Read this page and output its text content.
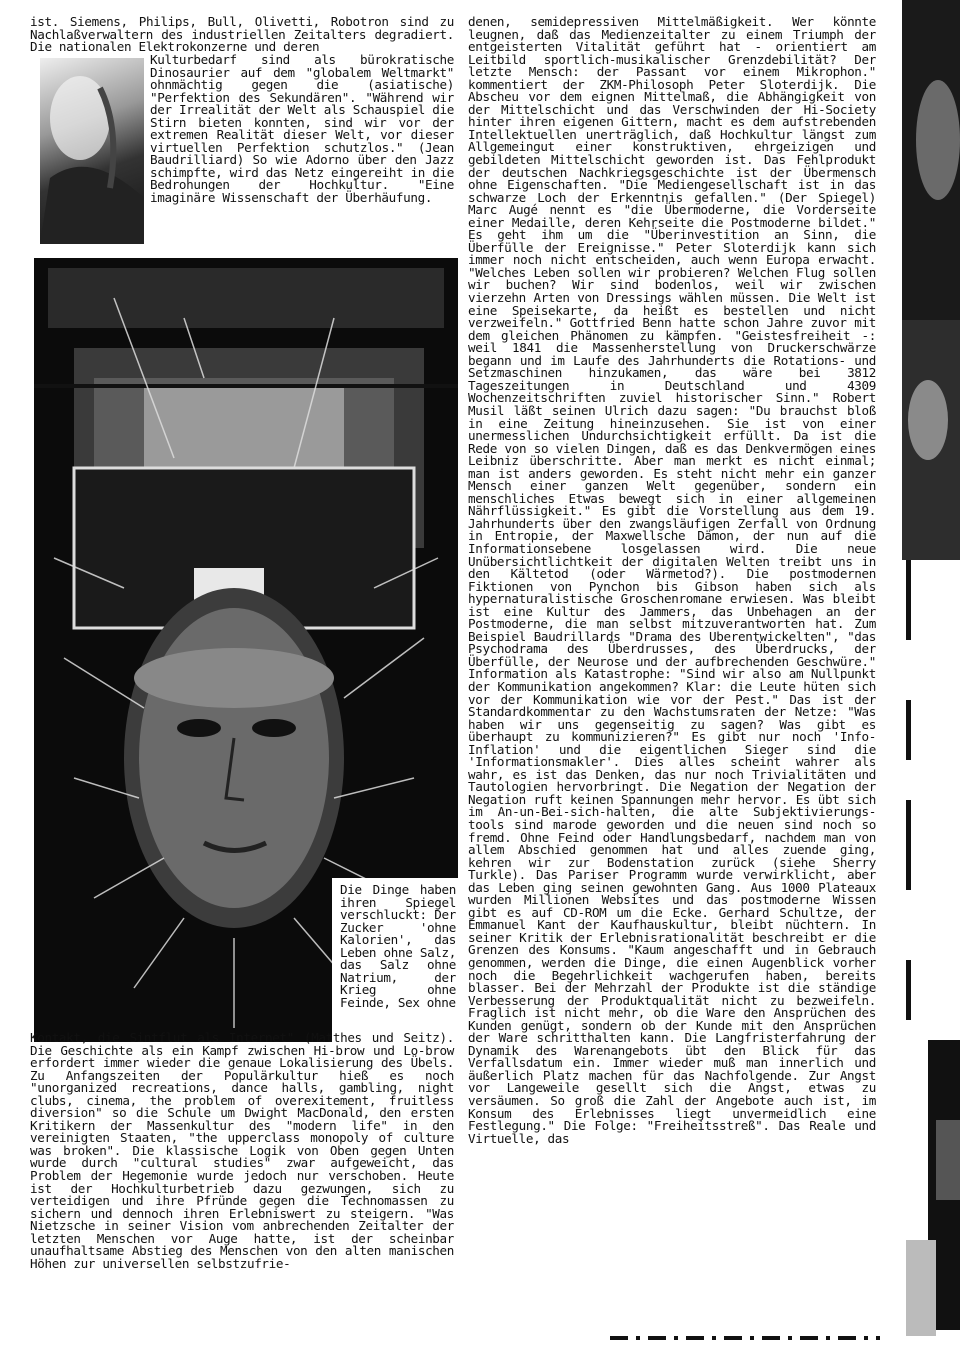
ist. Siemens, Philips, Bull, Olivetti, Robotron sind zu Nachlaßverwaltern des industriellen Zeitalters degradiert. Die nationalen Elektrokonzerne und deren

Kulturbedarf sind als bürokratische Dinosaurier auf dem "globalem Weltmarkt" ohnmächtig gegen die (asiatische) "Perfektion des Sekundären". "Während wir der Irrealität der Welt als Schauspiel die Stirn bieten konnten, sind wir vor der extremen Realität dieser Welt, vor dieser virtuellen Perfektion schutzlos." (Jean Baudrilliard) So wie Adorno über den Jazz schimpfte, wird das Netz eingereiht in die Bedrohungen der Hochkultur. "Eine imaginäre Wissenschaft der Überhäufung.

Die Dinge haben ihren Spiegel verschluckt: Der Zucker 'ohne Kalorien', das Leben ohne Salz, das Salz ohne Natrium, der Krieg ohne Feinde, Sex ohne

Kontakt, die Sintflut als Internet" (Matthes und Seitz). Die Geschichte als ein Kampf zwischen Hi-brow und Lo-brow erfordert immer wieder die genaue Lokalisierung des Übels. Zu Anfangszeiten der Populärkultur hieß es noch "unorganized recreations, dance halls, gambling, night clubs, cinema, the problem of overexitement, fruitless diversion" so die Schule um Dwight MacDonald, den ersten Kritikern der Massenkultur des "modern life" in den vereinigten Staaten, "the upperclass monopoly of culture was broken". Die klassische Logik von Oben gegen Unten wurde durch "cultural studies" zwar aufgeweicht, das Problem der Hegemonie wurde jedoch nur verschoben. Heute ist der Hochkulturbetrieb dazu gezwungen, sich zu verteidigen und ihre Pfründe gegen die Technomassen zu sichern und dennoch ihren Erlebniswert zu steigern. "Was Nietzsche in seiner Vision vom anbrechenden Zeitalter der letzten Menschen vor Auge hatte, ist der scheinbar unaufhaltsame Abstieg des Menschen von den alten manischen Höhen zur universellen selbstzufrie-

denen, semidepressiven Mittelmäßigkeit. Wer könnte leugnen, daß das Medienzeitalter zu einem Triumph der entgeisterten Vitalität geführt hat - orientiert am Leitbild sportlich-musikalischer Grenzdebilität? Der letzte Mensch: der Passant vor einem Mikrophon." kommentiert der ZKM-Philosoph Peter Sloterdijk. Die Abscheu vor dem eignen Mittelmaß, die Abhängigkeit von der Mittelschicht und das Verschwinden der Hi-Society hinter ihren eigenen Gittern, macht es dem aufstrebenden Intellektuellen unerträglich, daß Hochkultur längst zum Allgemeingut einer konstruktiven, ehrgeizigen und gebildeten Mittelschicht geworden ist. Das Fehlprodukt der deutschen Nachkriegsgeschichte ist der Übermensch ohne Eigenschaften. "Die Mediengesellschaft ist in das schwarze Loch der Erkenntnis gefallen." (Der Spiegel) Marc Augé nennt es "die Übermoderne, die Vorderseite einer Medaille, deren Kehrseite die Postmoderne bildet." Es geht ihm um die "Überinvestition an Sinn, die Überfülle der Ereignisse." Peter Sloterdijk kann sich immer noch nicht entscheiden, auch wenn Europa erwacht. "Welches Leben sollen wir probieren? Welchen Flug sollen wir buchen? Wir sind bodenlos, weil wir zwischen vierzehn Arten von Dressings wählen müssen. Die Welt ist eine Speisekarte, da heißt es bestellen und nicht verzweifeln." Gottfried Benn hatte schon Jahre zuvor mit dem gleichen Phänomen zu kämpfen. "Geistesfreiheit -: weil 1841 die Massenherstellung von Druckerschwärze begann und im Laufe des Jahrhunderts die Rotations- und Setzmaschinen hinzukamen, das wäre bei 3812 Tageszeitungen in Deutschland und 4309 Wochenzeitschriften zuviel historischer Sinn." Robert Musil läßt seinen Ulrich dazu sagen: "Du brauchst bloß in eine Zeitung hineinzusehen. Sie ist von einer unermesslichen Undurchsichtigkeit erfüllt. Da ist die Rede von so vielen Dingen, daß es das Denkvermögen eines Leibniz überschritte. Aber man merkt es nicht einmal; man ist anders geworden. Es steht nicht mehr ein ganzer Mensch einer ganzen Welt gegenüber, sondern ein menschliches Etwas bewegt sich in einer allgemeinen Nährflüssigkeit." Es gibt die Vorstellung aus dem 19. Jahrhunderts über den zwangsläufigen Zerfall von Ordnung in Entropie, der Maxwellsche Dämon, der nun auf die Informationsebene losgelassen wird. Die neue Unübersichtlichtkeit der digitalen Welten treibt uns in den Kältetod (oder Wärmetod?). Die postmodernen Fiktionen von Pynchon bis Gibson haben sich als hypernaturalistische Groschenromane erwiesen. Was bleibt ist eine Kultur des Jammers, das Unbehagen an der Postmoderne, die man selbst mitzuverantworten hat. Zum Beispiel Baudrillards "Drama des Uberentwickelten", "das Psychodrama des Überdrusses, des Überdrucks, der Überfülle, der Neurose und der aufbrechenden Geschwüre." Information als Katastrophe: "Sind wir also am Nullpunkt der Kommunikation angekommen? Klar: die Leute hüten sich vor der Kommunikation wie vor der Pest." Das ist der Standardkommentar zu den Wachstumsraten der Netze: "Was haben wir uns gegenseitig zu sagen? Was gibt es überhaupt zu kommunizieren?" Es gibt nur noch 'Info-Inflation' und die eigentlichen Sieger sind die 'Informationsmakler'. Dies alles scheint wahrer als wahr, es ist das Denken, das nur noch Trivialitäten und Tautologien hervorbringt. Die Negation der Negation der Negation ruft keinen Spannungen mehr hervor. Es übt sich im An-un-Bei-sich-halten, die alte Subjektivierungs-tools sind marode geworden und die neuen sind noch so fremd. Ohne Feind oder Handlungsbedarf, nachdem man von allem Abschied genommen hat und alles zuende ging, kehren wir zur Bodenstation zurück (siehe Sherry Turkle). Das Pariser Programm wurde verwirklicht, aber das Leben ging seinen gewohnten Gang. Aus 1000 Plateaux wurden Millionen Websites und das postmoderne Wissen gibt es auf CD-ROM um die Ecke. Gerhard Schultze, der Emmanuel Kant der Kaufhauskultur, bleibt nüchtern. In seiner Kritik der Erlebnisrationalität beschreibt er die Grenzen des Konsums. "Kaum angeschafft und in Gebrauch genommen, werden die Dinge, die einen Augenblick vorher noch die Begehrlichkeit wachgerufen haben, bereits blasser. Bei der Mehrzahl der Produkte ist die ständige Verbesserung der Produktqualität nicht zu bezweifeln. Fraglich ist nicht mehr, ob die Ware den Ansprüchen des Kunden genügt, sondern ob der Kunde mit den Ansprüchen der Ware schritthalten kann. Die Langfristerfahrung der Dynamik des Warenangebots übt den Blick für das Verfallsdatum ein. Immer wieder muß man innerlich und äußerlich Platz machen für das Nachfolgende. Zur Angst vor Langeweile gesellt sich die Angst, etwas zu versäumen. So groß die Zahl der Angebote auch ist, im Konsum des Erlebnisses liegt unvermeidlich eine Festlegung." Die Folge: "Freiheitsstreß". Das Reale und Virtuelle, das
